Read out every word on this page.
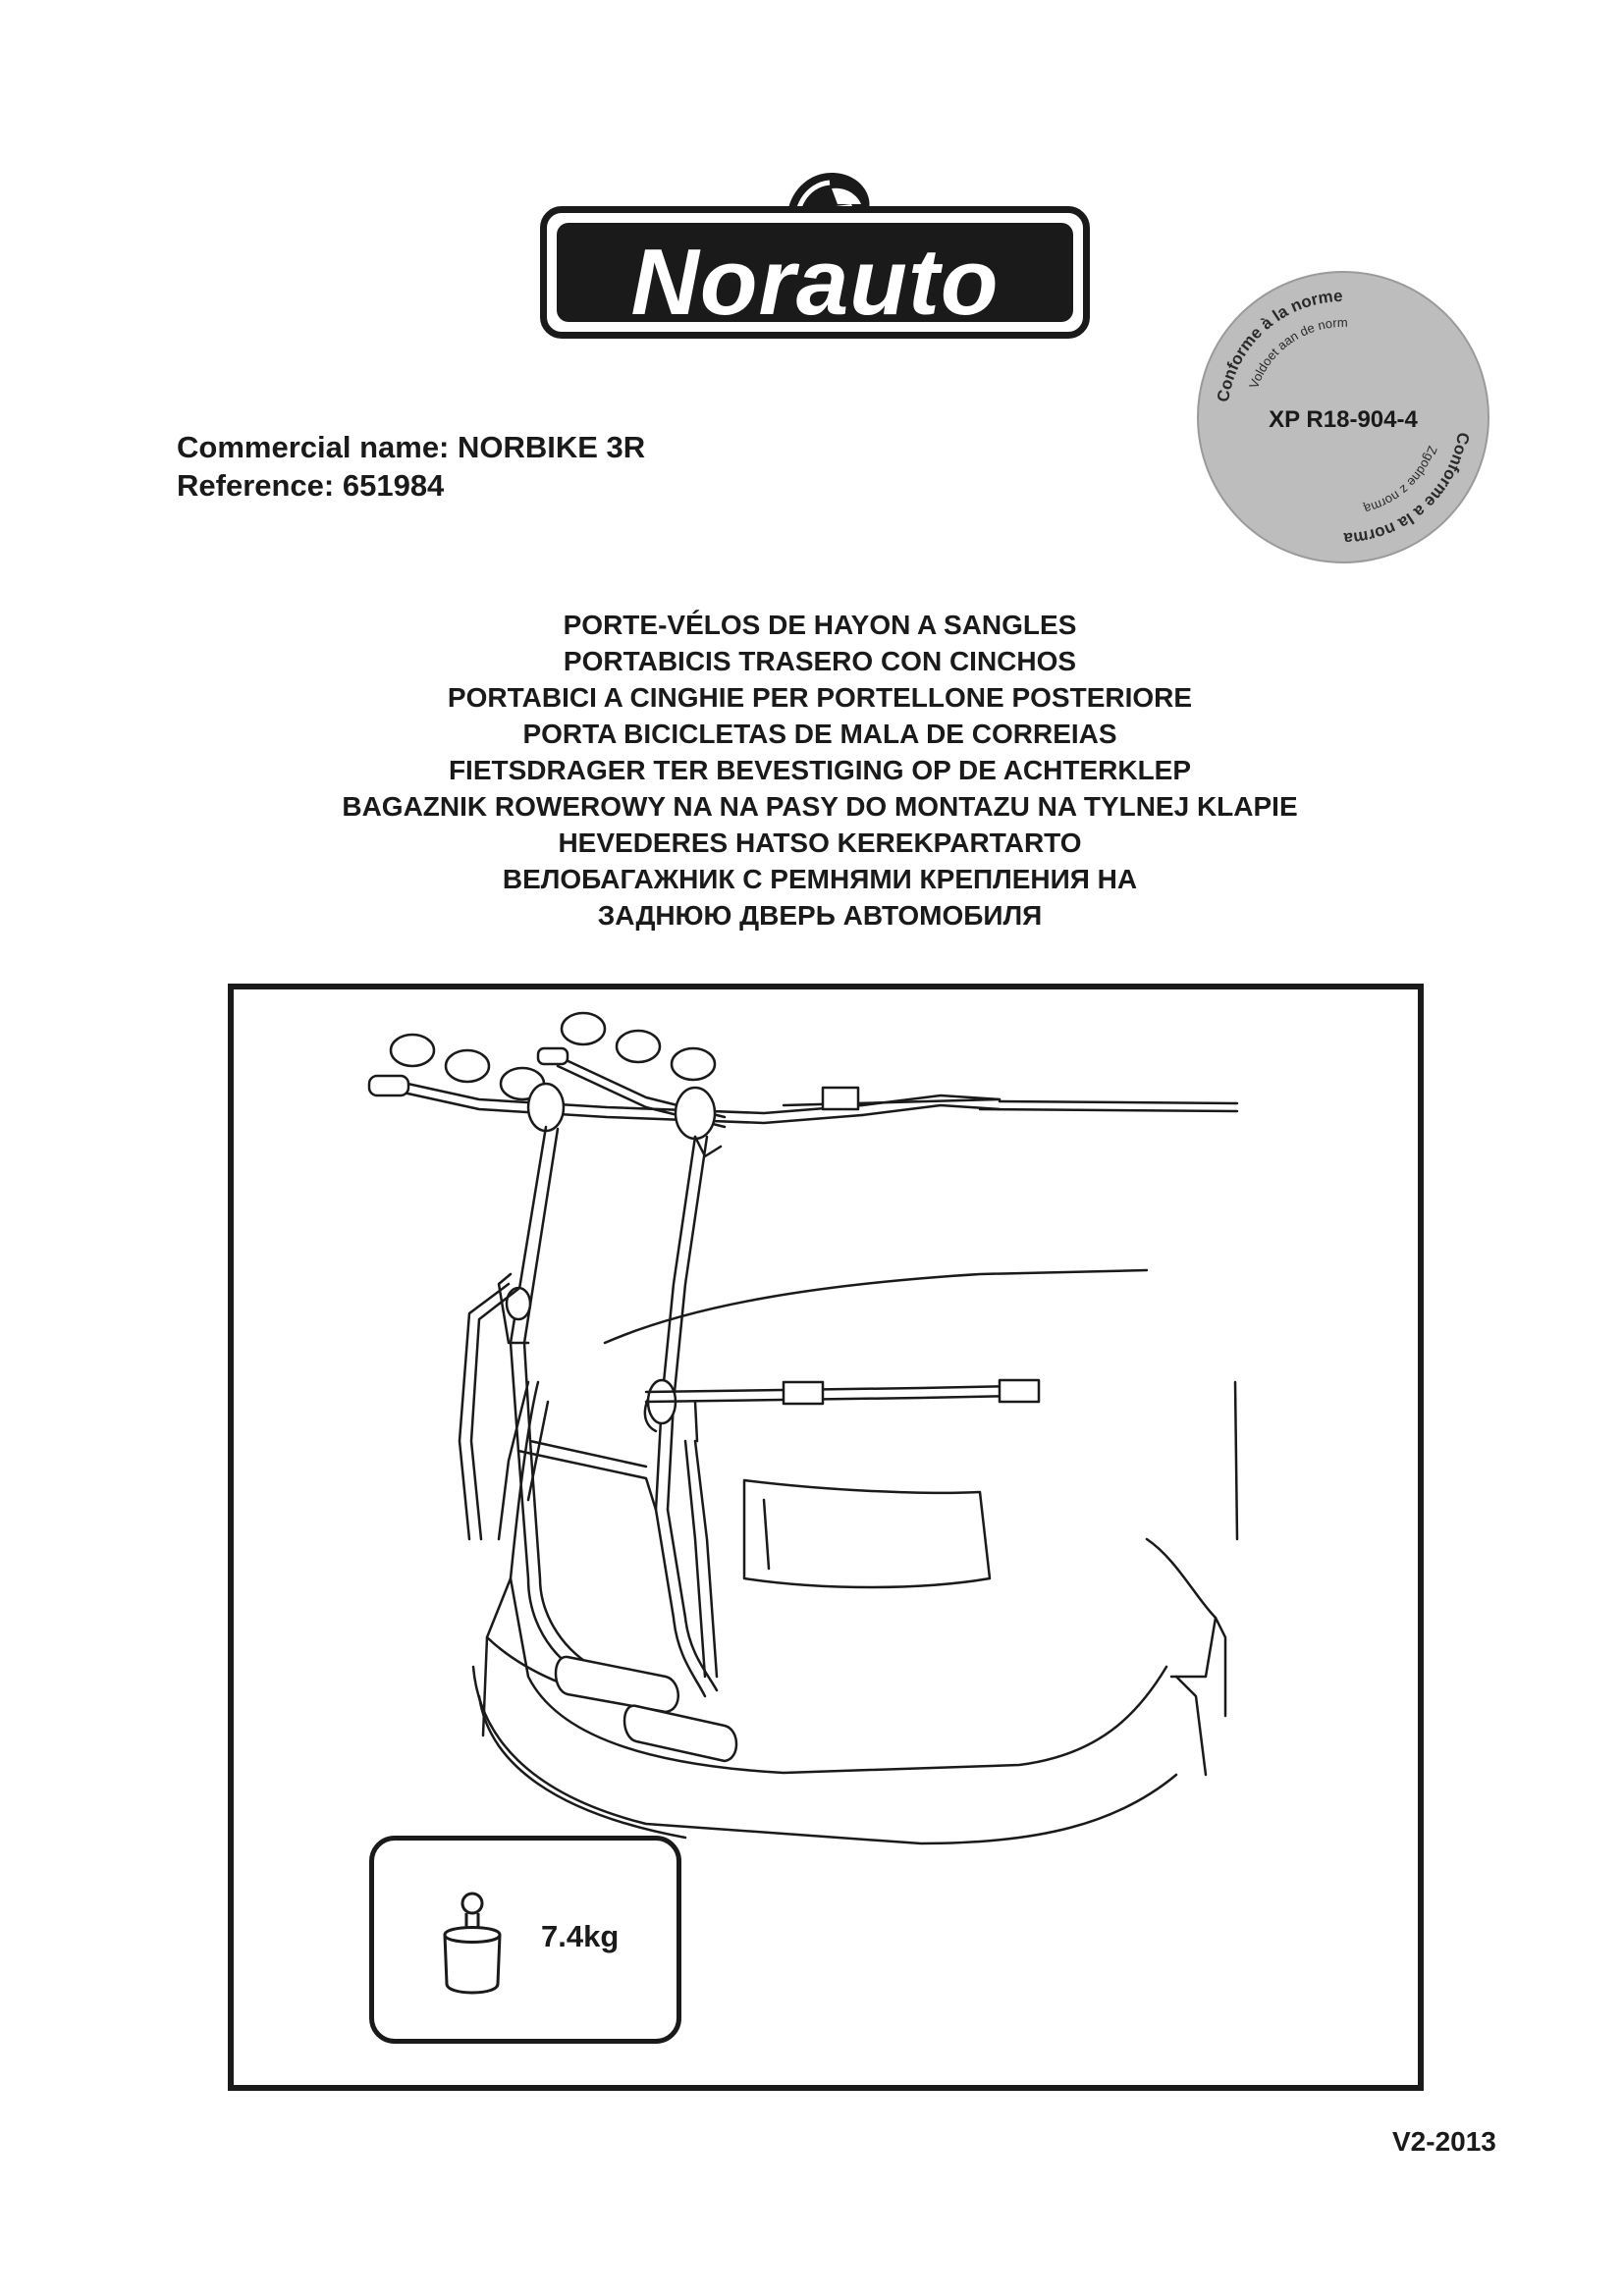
Norauto
Conforme à la norme
Conforme a la norma
Voldoet aan de norm
Zgodne z normą
XP R18-904-4
Commercial name: NORBIKE 3R
Reference: 651984
PORTE-VÉLOS DE HAYON A SANGLES
PORTABICIS TRASERO CON CINCHOS
PORTABICI A CINGHIE PER PORTELLONE POSTERIORE
PORTA BICICLETAS DE MALA DE CORREIAS
FIETSDRAGER TER BEVESTIGING OP DE ACHTERKLEP
BAGAZNIK ROWEROWY NA NA PASY DO MONTAZU NA TYLNEJ KLAPIE
HEVEDERES HATSO KEREKPARTARTO
ВЕЛОБАГАЖНИК С РЕМНЯМИ КРЕПЛЕНИЯ НА
ЗАДНЮЮ ДВЕРЬ АВТОМОБИЛЯ
7.4kg
V2-2013
